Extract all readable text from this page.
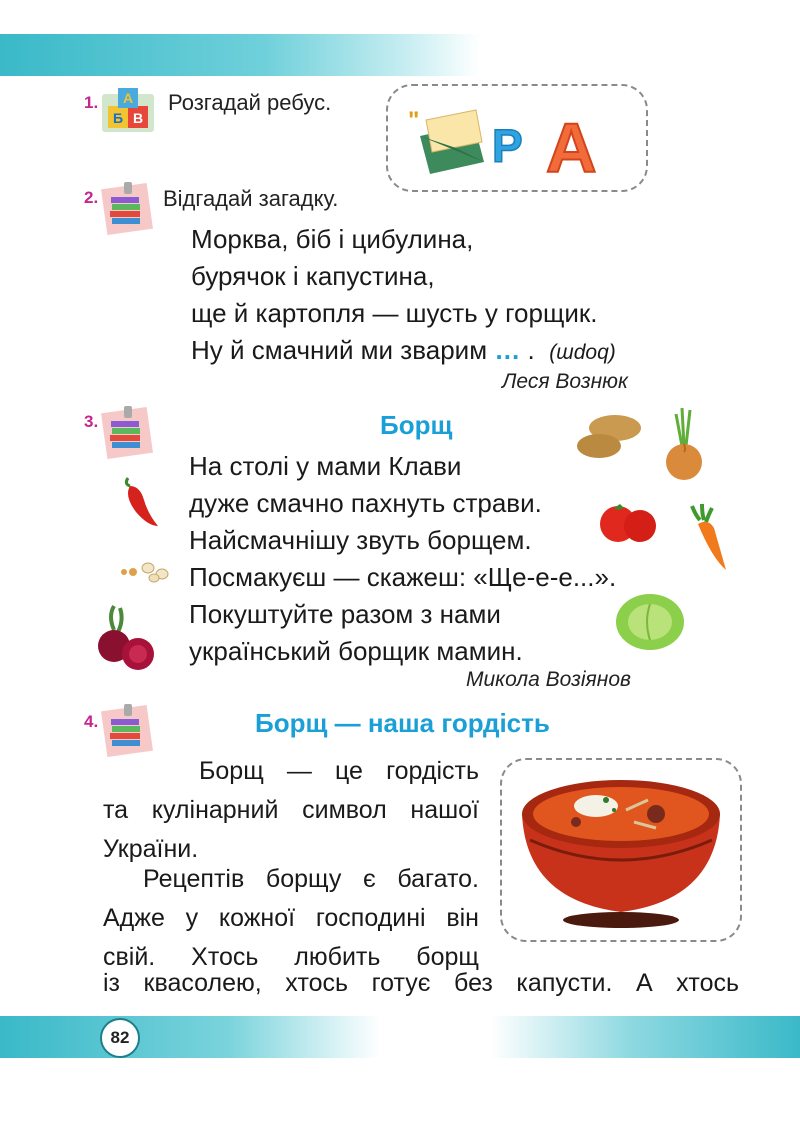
1.
Б В
А Розгадай ребус.
" P A
2.	Відгадай загадку.
Морква, біб і цибулина,
бурячок і капустина,
ще й картопля — шусть у горщик.
Ну й смачний ми зварим … . (ɯdoq)
Леся Вознюк
3.	Борщ
На столі у мами Клави
дуже смачно пахнуть страви.
Найсмачнішу звуть борщем.
Посмакуєш — скажеш: «Ще-е-е...».
Покуштуйте разом з нами
український борщик мамин.
Микола Возіянов
4.	Борщ — наша гордість

Борщ — це гордість

та кулінарний символ нашої

України.

Рецептів борщу є багато.

Адже у кожної господині він

свій. Хтось любить борщ

із квасолею, хтось готує без капусти. А хтось

82
